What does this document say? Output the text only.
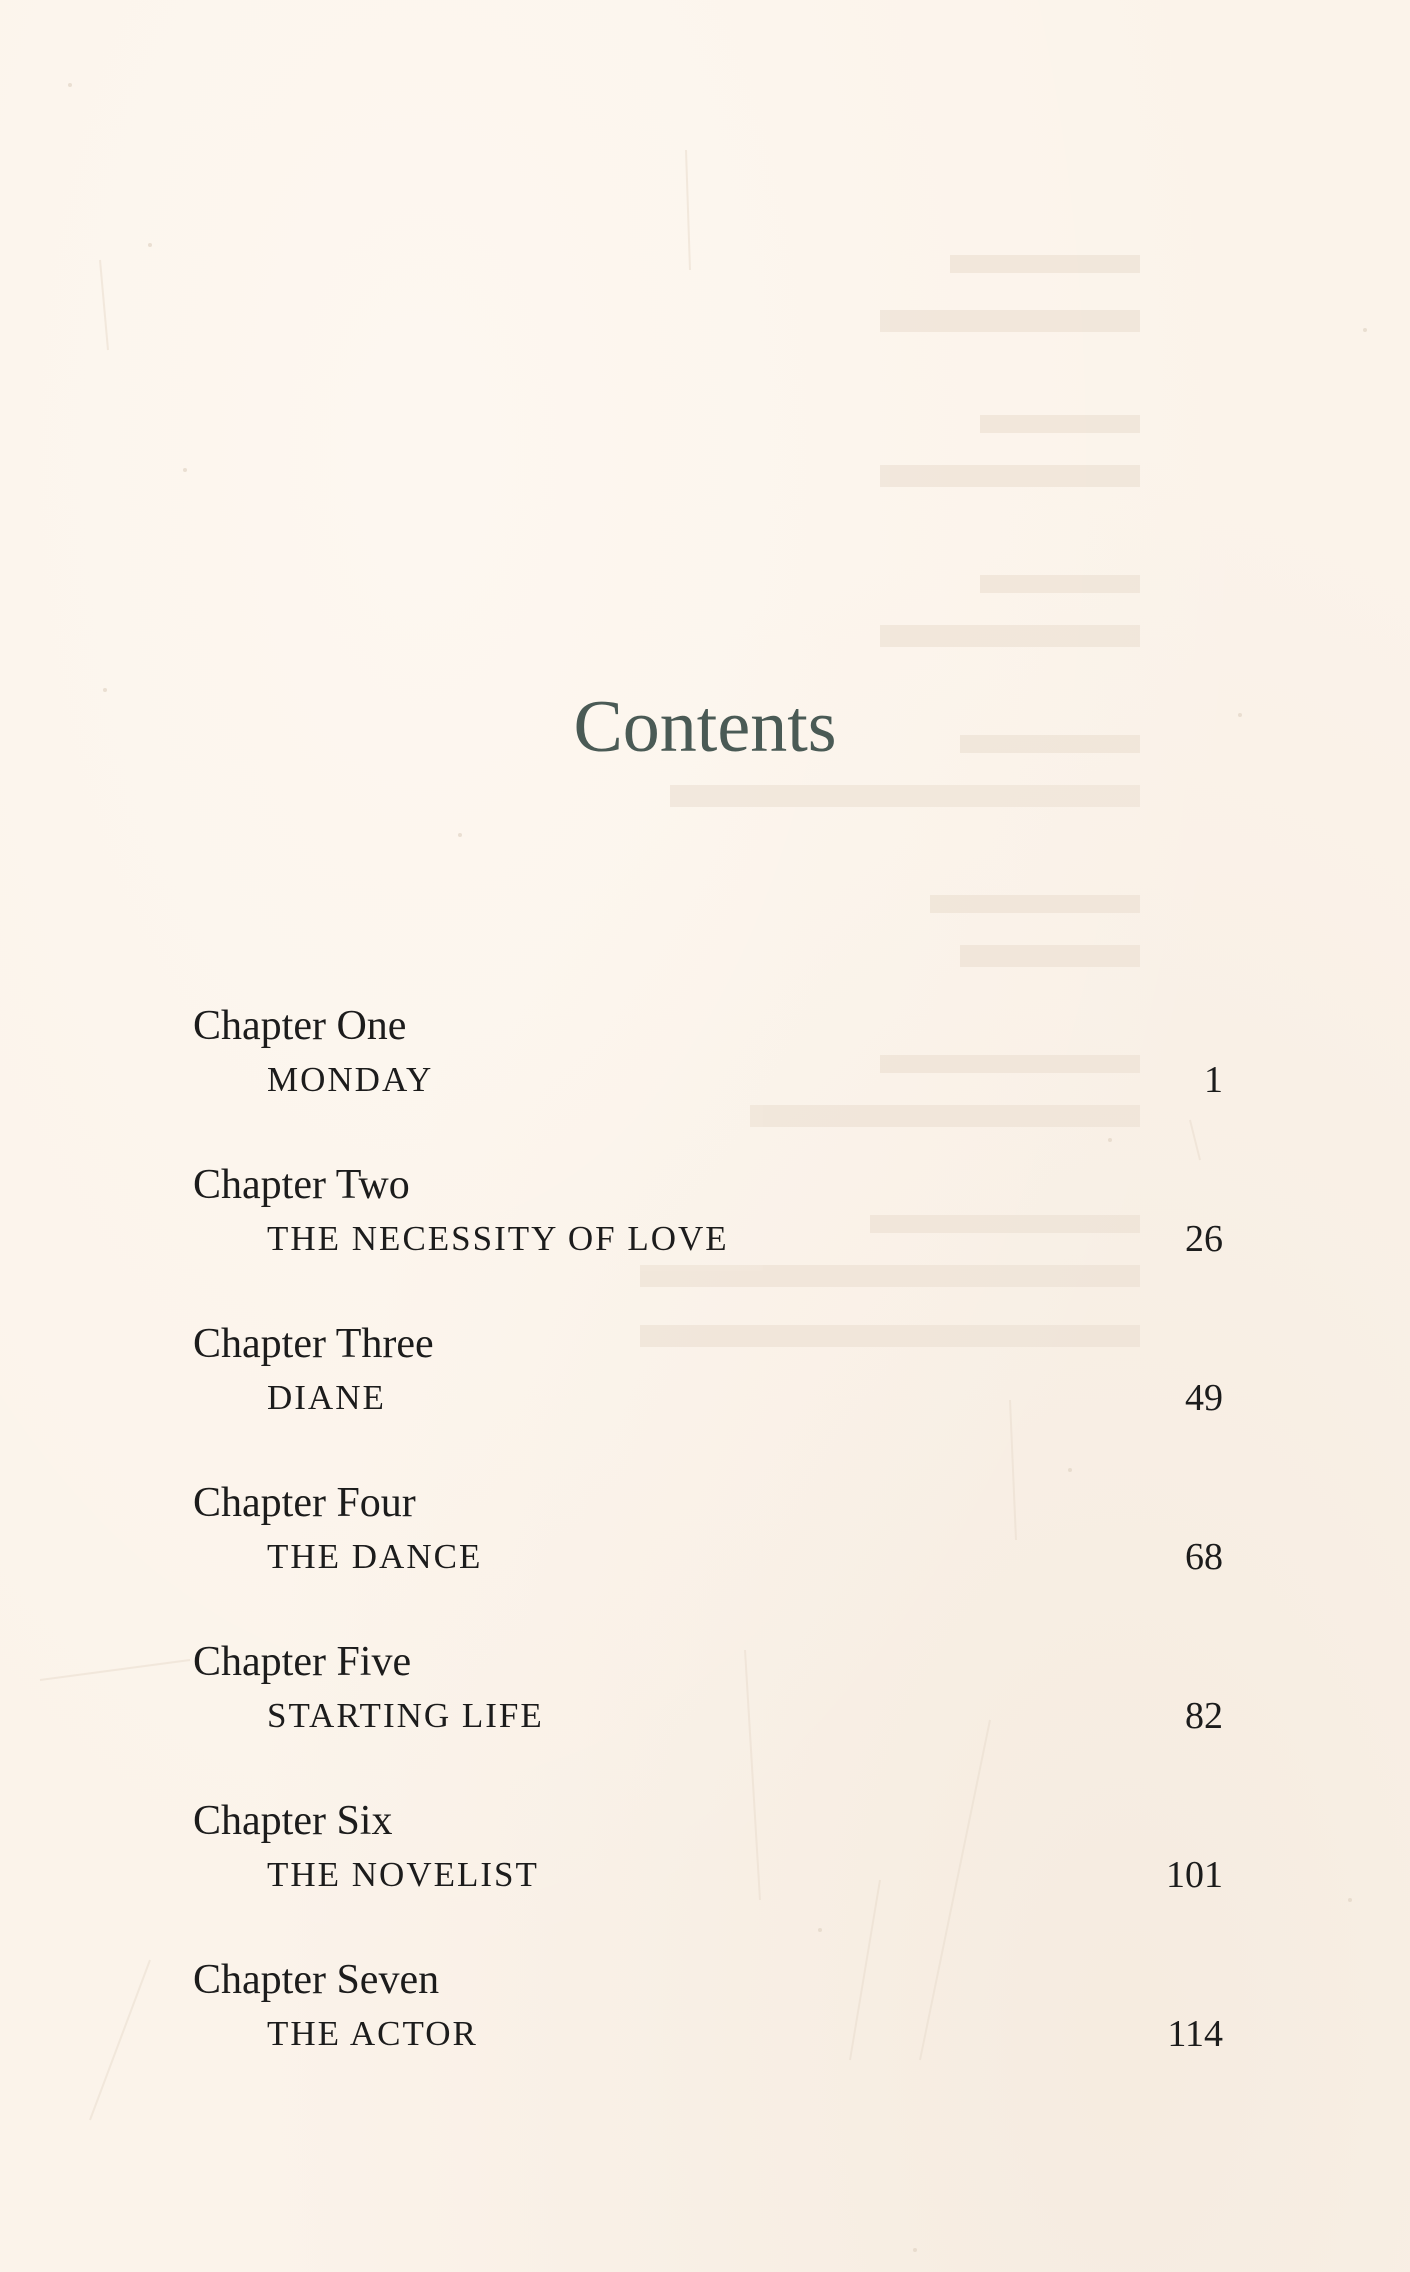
Contents
Chapter One
MONDAY	1
Chapter Two
THE NECESSITY OF LOVE	26
Chapter Three
DIANE	49
Chapter Four
THE DANCE	68
Chapter Five
STARTING LIFE	82
Chapter Six
THE NOVELIST	101
Chapter Seven
THE ACTOR	114
